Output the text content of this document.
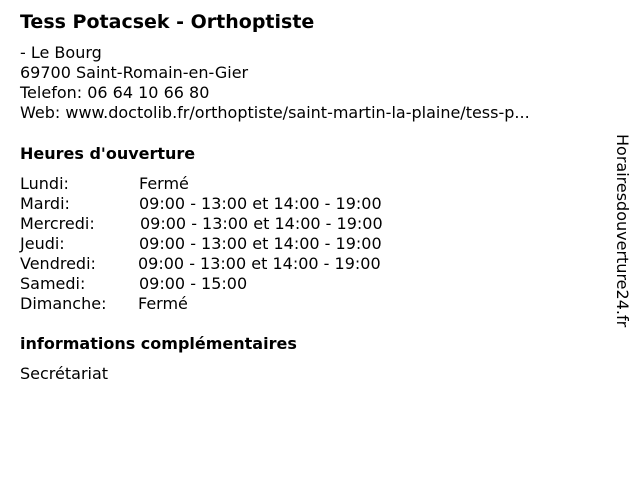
Tess Potacsek - Orthoptiste
- Le Bourg
69700 Saint-Romain-en-Gier
Telefon: 06 64 10 66 80
Web: www.doctolib.fr/orthoptiste/saint-martin-la-plaine/tess-p...
Heures d'ouverture
Lundi:	Fermé
Mardi:	09:00 - 13:00 et 14:00 - 19:00
Mercredi:	09:00 - 13:00 et 14:00 - 19:00
Jeudi:	09:00 - 13:00 et 14:00 - 19:00
Vendredi:	09:00 - 13:00 et 14:00 - 19:00
Samedi:	09:00 - 15:00
Dimanche: Fermé
informations complémentaires
Secrétariat
Horairesdouverture24.fr
